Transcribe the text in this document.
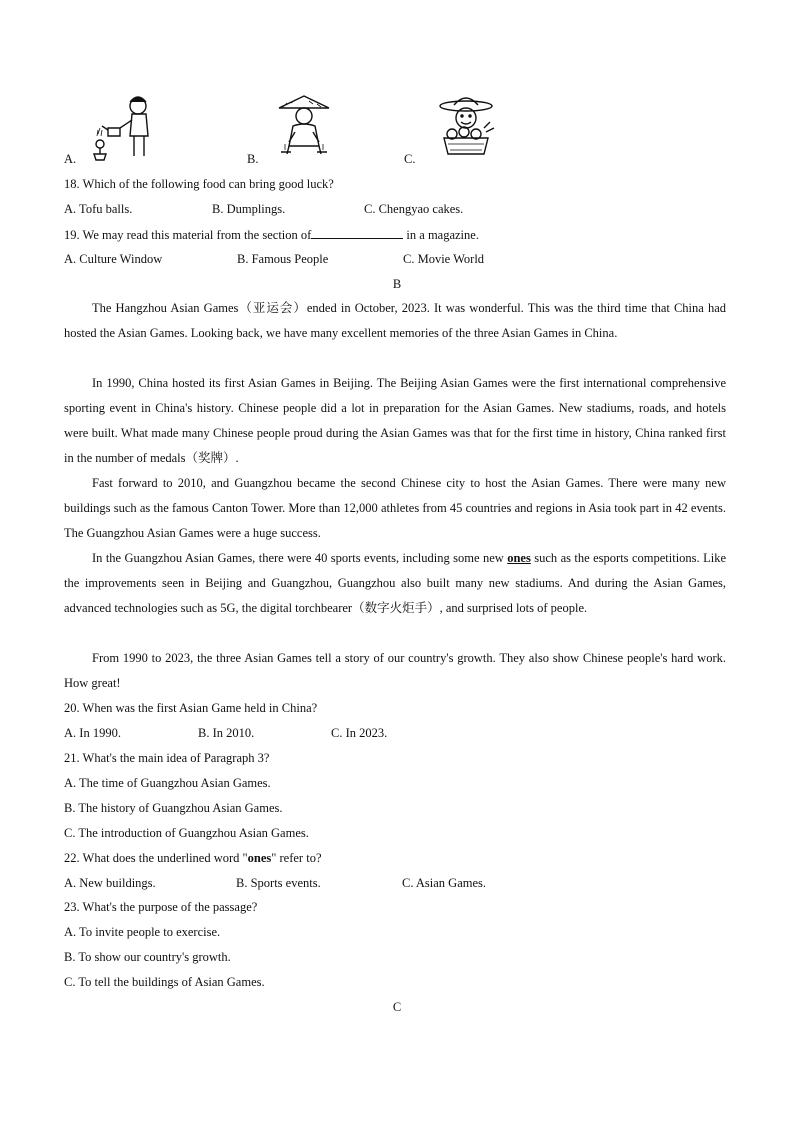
A.	B.	C.
18. Which of the following food can bring good luck?
A. Tofu balls.	B. Dumplings.	C. Chengyao cakes.
19. We may read this material from the section of	in a magazine.
A. Culture Window	B. Famous People	C. Movie World
B
The Hangzhou Asian Games（亚运会）ended in October, 2023. It was wonderful. This was the third time that China had hosted the Asian Games. Looking back, we have many excellent memories of the three Asian Games in China.
In 1990, China hosted its first Asian Games in Beijing. The Beijing Asian Games were the first international comprehensive sporting event in China's history. Chinese people did a lot in preparation for the Asian Games. New stadiums, roads, and hotels were built. What made many Chinese people proud during the Asian Games was that for the first time in history, China ranked first in the number of medals（奖牌）.
Fast forward to 2010, and Guangzhou became the second Chinese city to host the Asian Games. There were many new buildings such as the famous Canton Tower. More than 12,000 athletes from 45 countries and regions in Asia took part in 42 events. The Guangzhou Asian Games were a huge success.
In the Guangzhou Asian Games, there were 40 sports events, including some new ones such as the esports competitions. Like the improvements seen in Beijing and Guangzhou, Guangzhou also built many new stadiums. And during the Asian Games, advanced technologies such as 5G, the digital torchbearer（数字火炬手）, and surprised lots of people.
From 1990 to 2023, the three Asian Games tell a story of our country's growth. They also show Chinese people's hard work. How great!
20. When was the first Asian Game held in China?
A. In 1990.	B. In 2010.	C. In 2023.
21. What's the main idea of Paragraph 3?
A. The time of Guangzhou Asian Games.
B. The history of Guangzhou Asian Games.
C. The introduction of Guangzhou Asian Games.
22. What does the underlined word "ones" refer to?
A. New buildings.	B. Sports events.	C. Asian Games.
23. What's the purpose of the passage?
A. To invite people to exercise.
B. To show our country's growth.
C. To tell the buildings of Asian Games.
C
